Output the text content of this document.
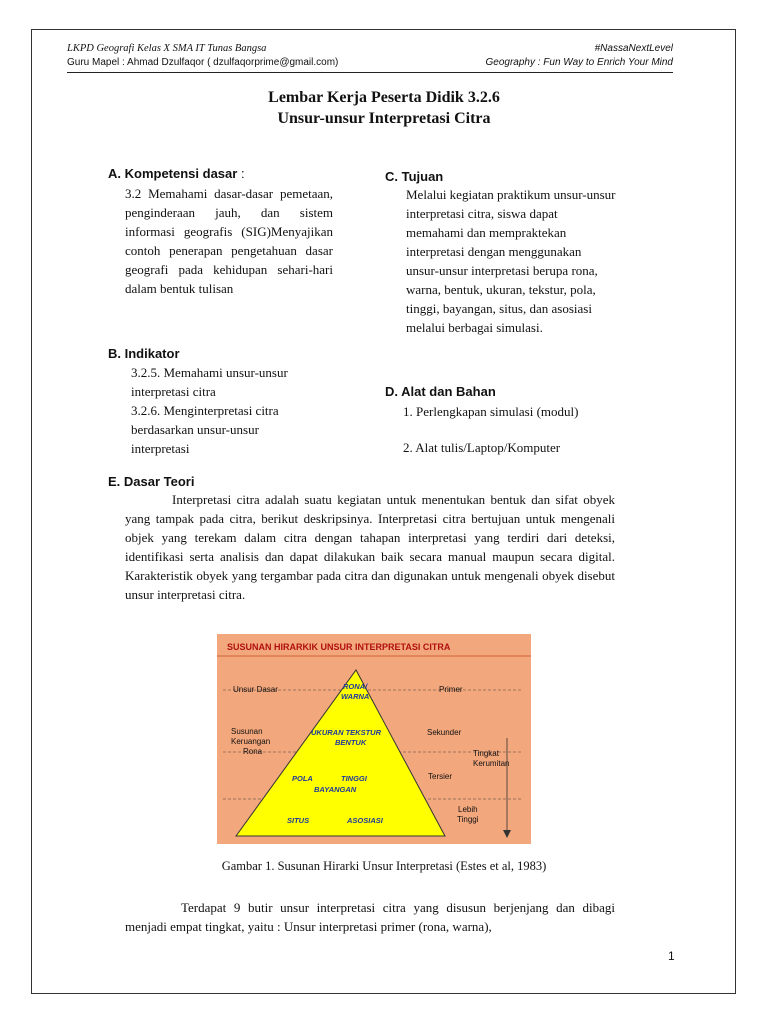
LKPD Geografi Kelas X SMA IT Tunas Bangsa
Guru Mapel : Ahmad Dzulfaqor ( dzulfaqorprime@gmail.com)
#NassaNextLevel
Geography : Fun Way to Enrich Your Mind
Lembar Kerja Peserta Didik 3.2.6
Unsur-unsur Interpretasi Citra
A. Kompetensi dasar :
3.2 Memahami dasar-dasar pemetaan, penginderaan jauh, dan sistem informasi geografis (SIG)Menyajikan contoh penerapan pengetahuan dasar geografi pada kehidupan sehari-hari dalam bentuk tulisan
B. Indikator
3.2.5. Memahami unsur-unsur interpretasi citra
3.2.6. Menginterpretasi citra berdasarkan unsur-unsur interpretasi
C. Tujuan
Melalui kegiatan praktikum unsur-unsur interpretasi citra, siswa dapat memahami dan mempraktekan interpretasi dengan menggunakan unsur-unsur interpretasi berupa rona, warna, bentuk, ukuran, tekstur, pola, tinggi, bayangan, situs, dan asosiasi melalui berbagai simulasi.
D. Alat dan Bahan
1. Perlengkapan simulasi (modul)
2. Alat tulis/Laptop/Komputer
E. Dasar Teori
Interpretasi citra adalah suatu kegiatan untuk menentukan bentuk dan sifat obyek yang tampak pada citra, berikut deskripsinya. Interpretasi citra bertujuan untuk mengenali objek yang terekam dalam citra dengan tahapan interpretasi yang terdiri dari deteksi, identifikasi serta analisis dan dapat dilakukan baik secara manual maupun secara digital. Karakteristik obyek yang tergambar pada citra dan digunakan untuk mengenali obyek disebut unsur interpretasi citra.
SUSUNAN HIRARKIK UNSUR INTERPRETASI CITRA
Unsur Dasar
Susunan
Keruangan
Rona
Primer
Sekunder
Tersier
Lebih
Tinggi
Tingkat
Kerumitan
RONA/
WARNA
UKURAN TEKSTUR
BENTUK
POLA	TINGGI
BAYANGAN
SITUS	ASOSIASI
Gambar 1. Susunan Hirarki Unsur Interpretasi (Estes et al, 1983)
Terdapat 9 butir unsur interpretasi citra yang disusun berjenjang dan dibagi menjadi empat tingkat, yaitu : Unsur interpretasi primer (rona, warna),
1
